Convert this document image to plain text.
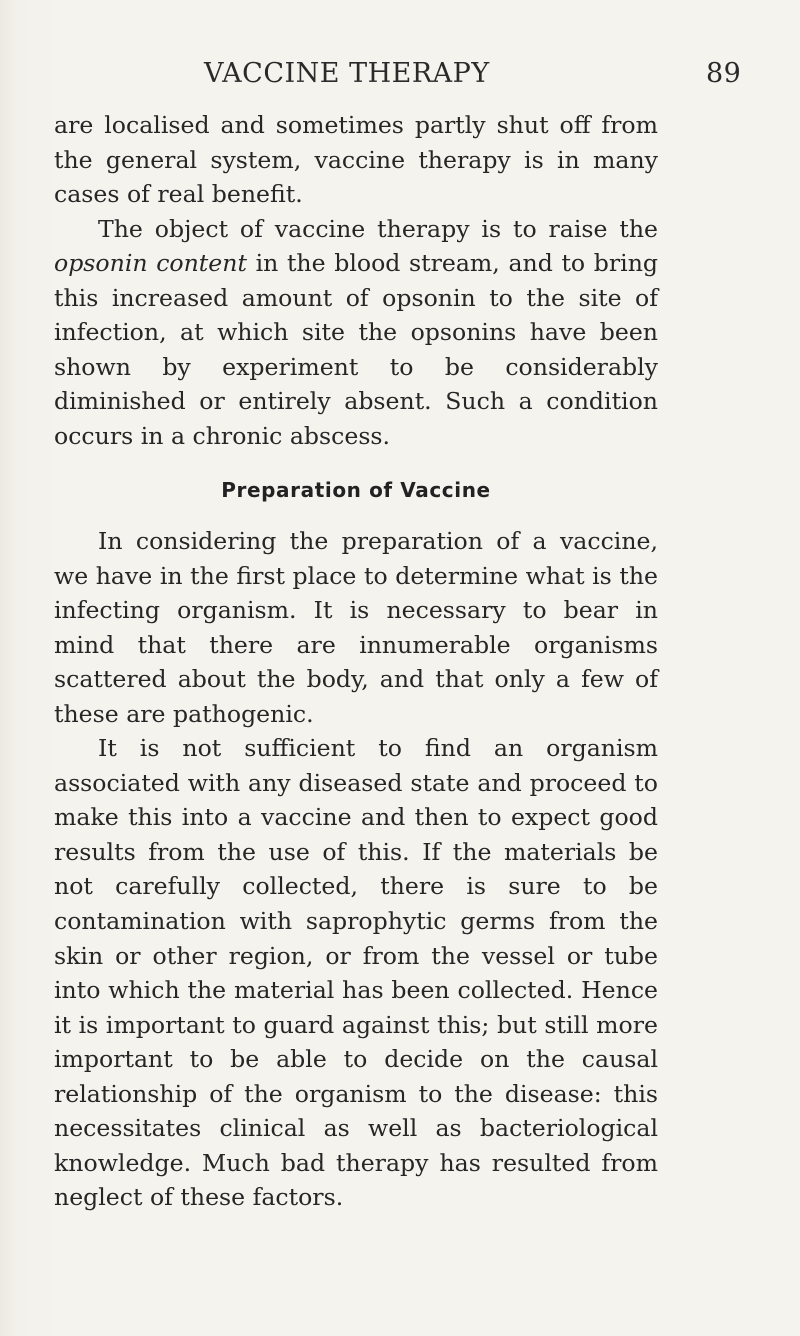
VACCINE THERAPY	89

are localised and sometimes partly shut off from the general system, vaccine therapy is in many cases of real benefit.

The object of vaccine therapy is to raise the opsonin content in the blood stream, and to bring this increased amount of opsonin to the site of infection, at which site the opsonins have been shown by experiment to be considerably diminished or entirely absent. Such a condition occurs in a chronic abscess.

Preparation of Vaccine

In considering the preparation of a vaccine, we have in the first place to determine what is the infecting organism. It is necessary to bear in mind that there are innumerable organisms scattered about the body, and that only a few of these are pathogenic.

It is not sufficient to find an organism associated with any diseased state and proceed to make this into a vaccine and then to expect good results from the use of this. If the materials be not carefully collected, there is sure to be contamination with saprophytic germs from the skin or other region, or from the vessel or tube into which the material has been collected. Hence it is important to guard against this; but still more important to be able to decide on the causal relationship of the organism to the disease: this necessitates clinical as well as bacteriological knowledge. Much bad therapy has resulted from neglect of these factors.
